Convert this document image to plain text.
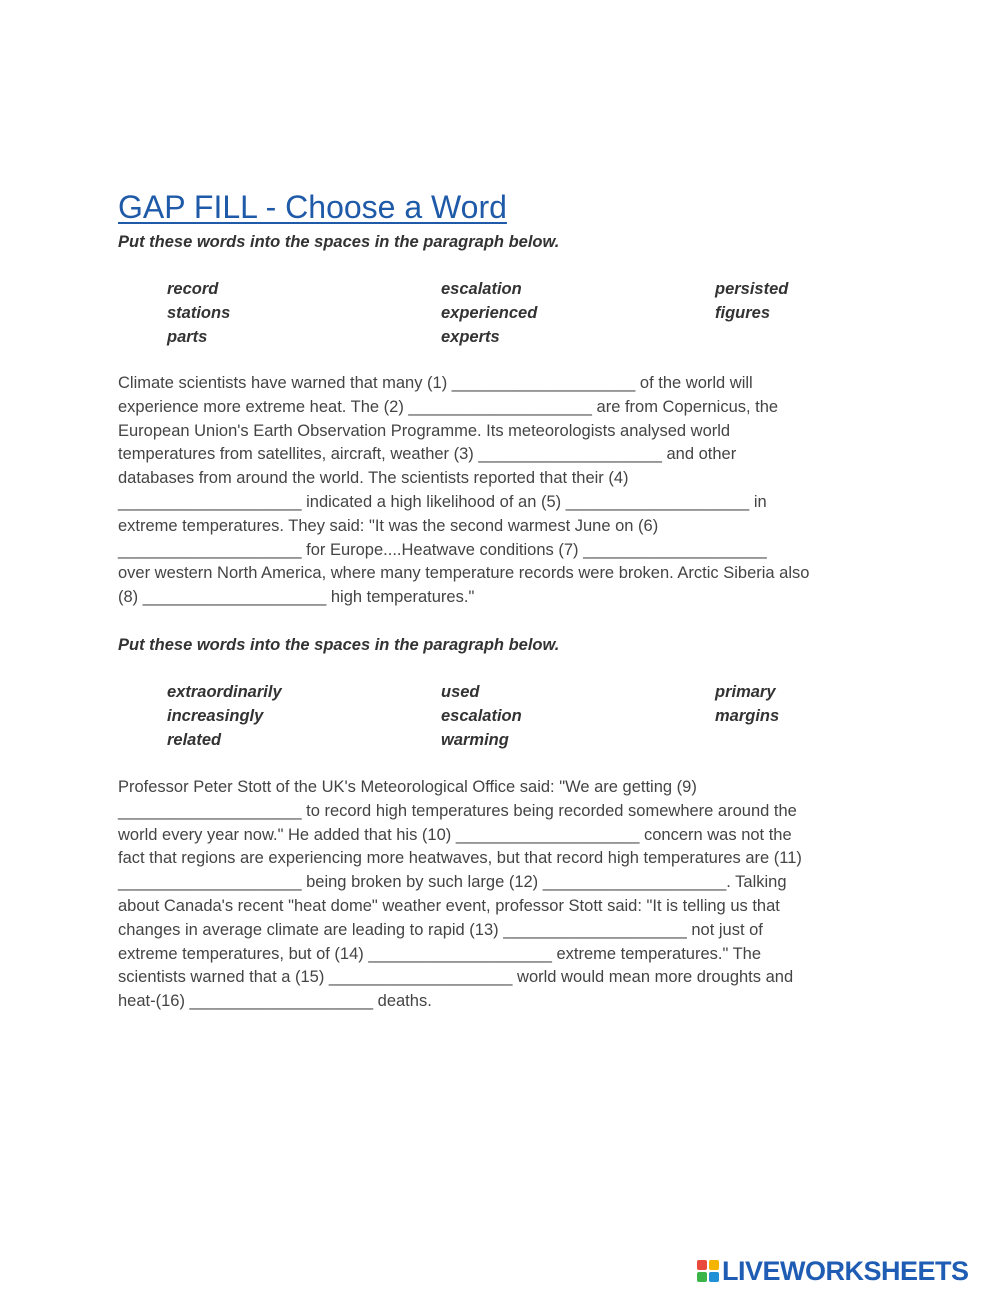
GAP FILL - Choose a Word
Put these words into the spaces in the paragraph below.
record	escalation	persisted
stations	experienced	figures
parts	experts
Climate scientists have warned that many (1) ____________________ of the world will
experience more extreme heat. The (2) ____________________ are from Copernicus, the
European Union's Earth Observation Programme. Its meteorologists analysed world
temperatures from satellites, aircraft, weather (3) ____________________ and other
databases from around the world. The scientists reported that their (4)
____________________ indicated a high likelihood of an (5) ____________________ in
extreme temperatures. They said: "It was the second warmest June on (6)
____________________ for Europe....Heatwave conditions (7) ____________________
over western North America, where many temperature records were broken. Arctic Siberia also
(8) ____________________ high temperatures."
Put these words into the spaces in the paragraph below.
extraordinarily	used	primary
increasingly	escalation	margins
related	warming
Professor Peter Stott of the UK's Meteorological Office said: "We are getting (9)
____________________ to record high temperatures being recorded somewhere around the
world every year now." He added that his (10) ____________________ concern was not the
fact that regions are experiencing more heatwaves, but that record high temperatures are (11)
____________________ being broken by such large (12) ____________________. Talking
about Canada's recent "heat dome" weather event, professor Stott said: "It is telling us that
changes in average climate are leading to rapid (13) ____________________ not just of
extreme temperatures, but of (14) ____________________ extreme temperatures." The
scientists warned that a (15) ____________________ world would mean more droughts and
heat-(16) ____________________ deaths.
LIVEWORKSHEETS
